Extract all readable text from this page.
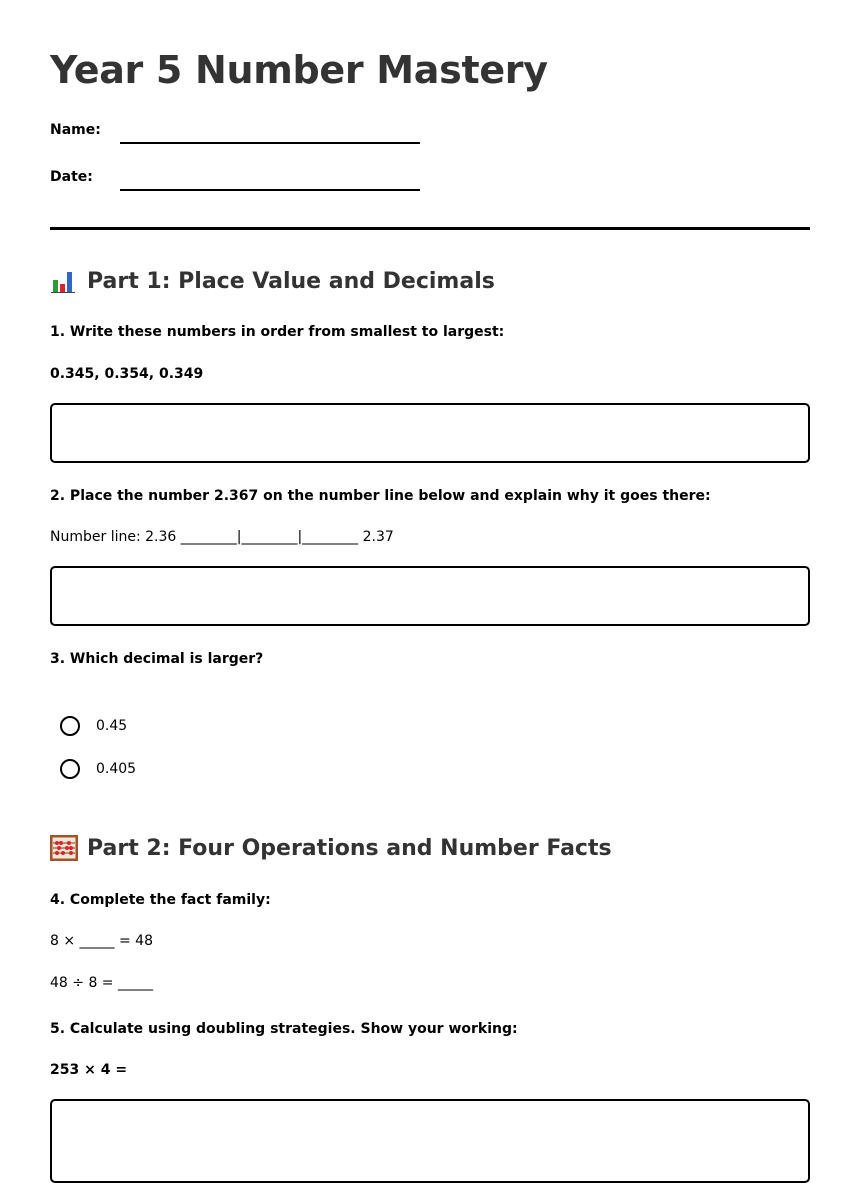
Year 5 Number Mastery
Name:
Date:
Part 1: Place Value and Decimals
1. Write these numbers in order from smallest to largest:
0.345, 0.354, 0.349
2. Place the number 2.367 on the number line below and explain why it goes there:
Number line: 2.36 ________|________|________ 2.37
3. Which decimal is larger?
0.45
0.405
Part 2: Four Operations and Number Facts
4. Complete the fact family:
8 × _____ = 48
48 ÷ 8 = _____
5. Calculate using doubling strategies. Show your working:
253 × 4 =
